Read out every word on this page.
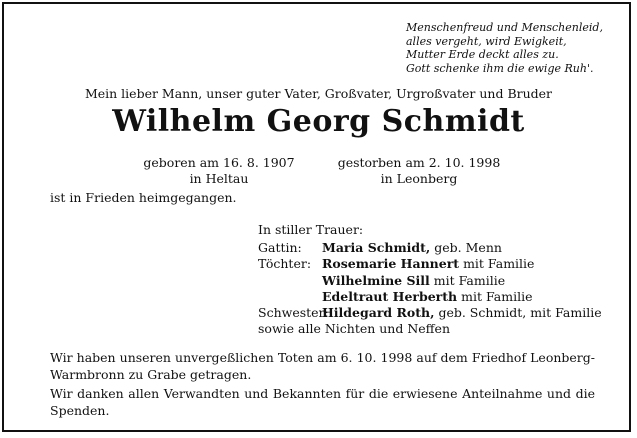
Menschenfreud und Menschenleid,
alles vergeht, wird Ewigkeit,
Mutter Erde deckt alles zu.
Gott schenke ihm die ewige Ruh'.
Mein lieber Mann, unser guter Vater, Großvater, Urgroßvater und Bruder
Wilhelm Georg Schmidt
geboren am 16. 8. 1907
in Heltau
gestorben am 2. 10. 1998
in Leonberg
ist in Frieden heimgegangen.
In stiller Trauer:
Gattin: Maria Schmidt, geb. Menn
Töchter: Rosemarie Hannert mit Familie
Wilhelmine Sill mit Familie
Edeltraut Herberth mit Familie
Schwester:Hildegard Roth, geb. Schmidt, mit Familie
sowie alle Nichten und Neffen

Wir haben unseren unvergeßlichen Toten am 6. 10. 1998 auf dem Friedhof Leonberg-Warmbronn zu Grabe getragen.

Wir danken allen Verwandten und Bekannten für die erwiesene Anteilnahme und die Spenden.
